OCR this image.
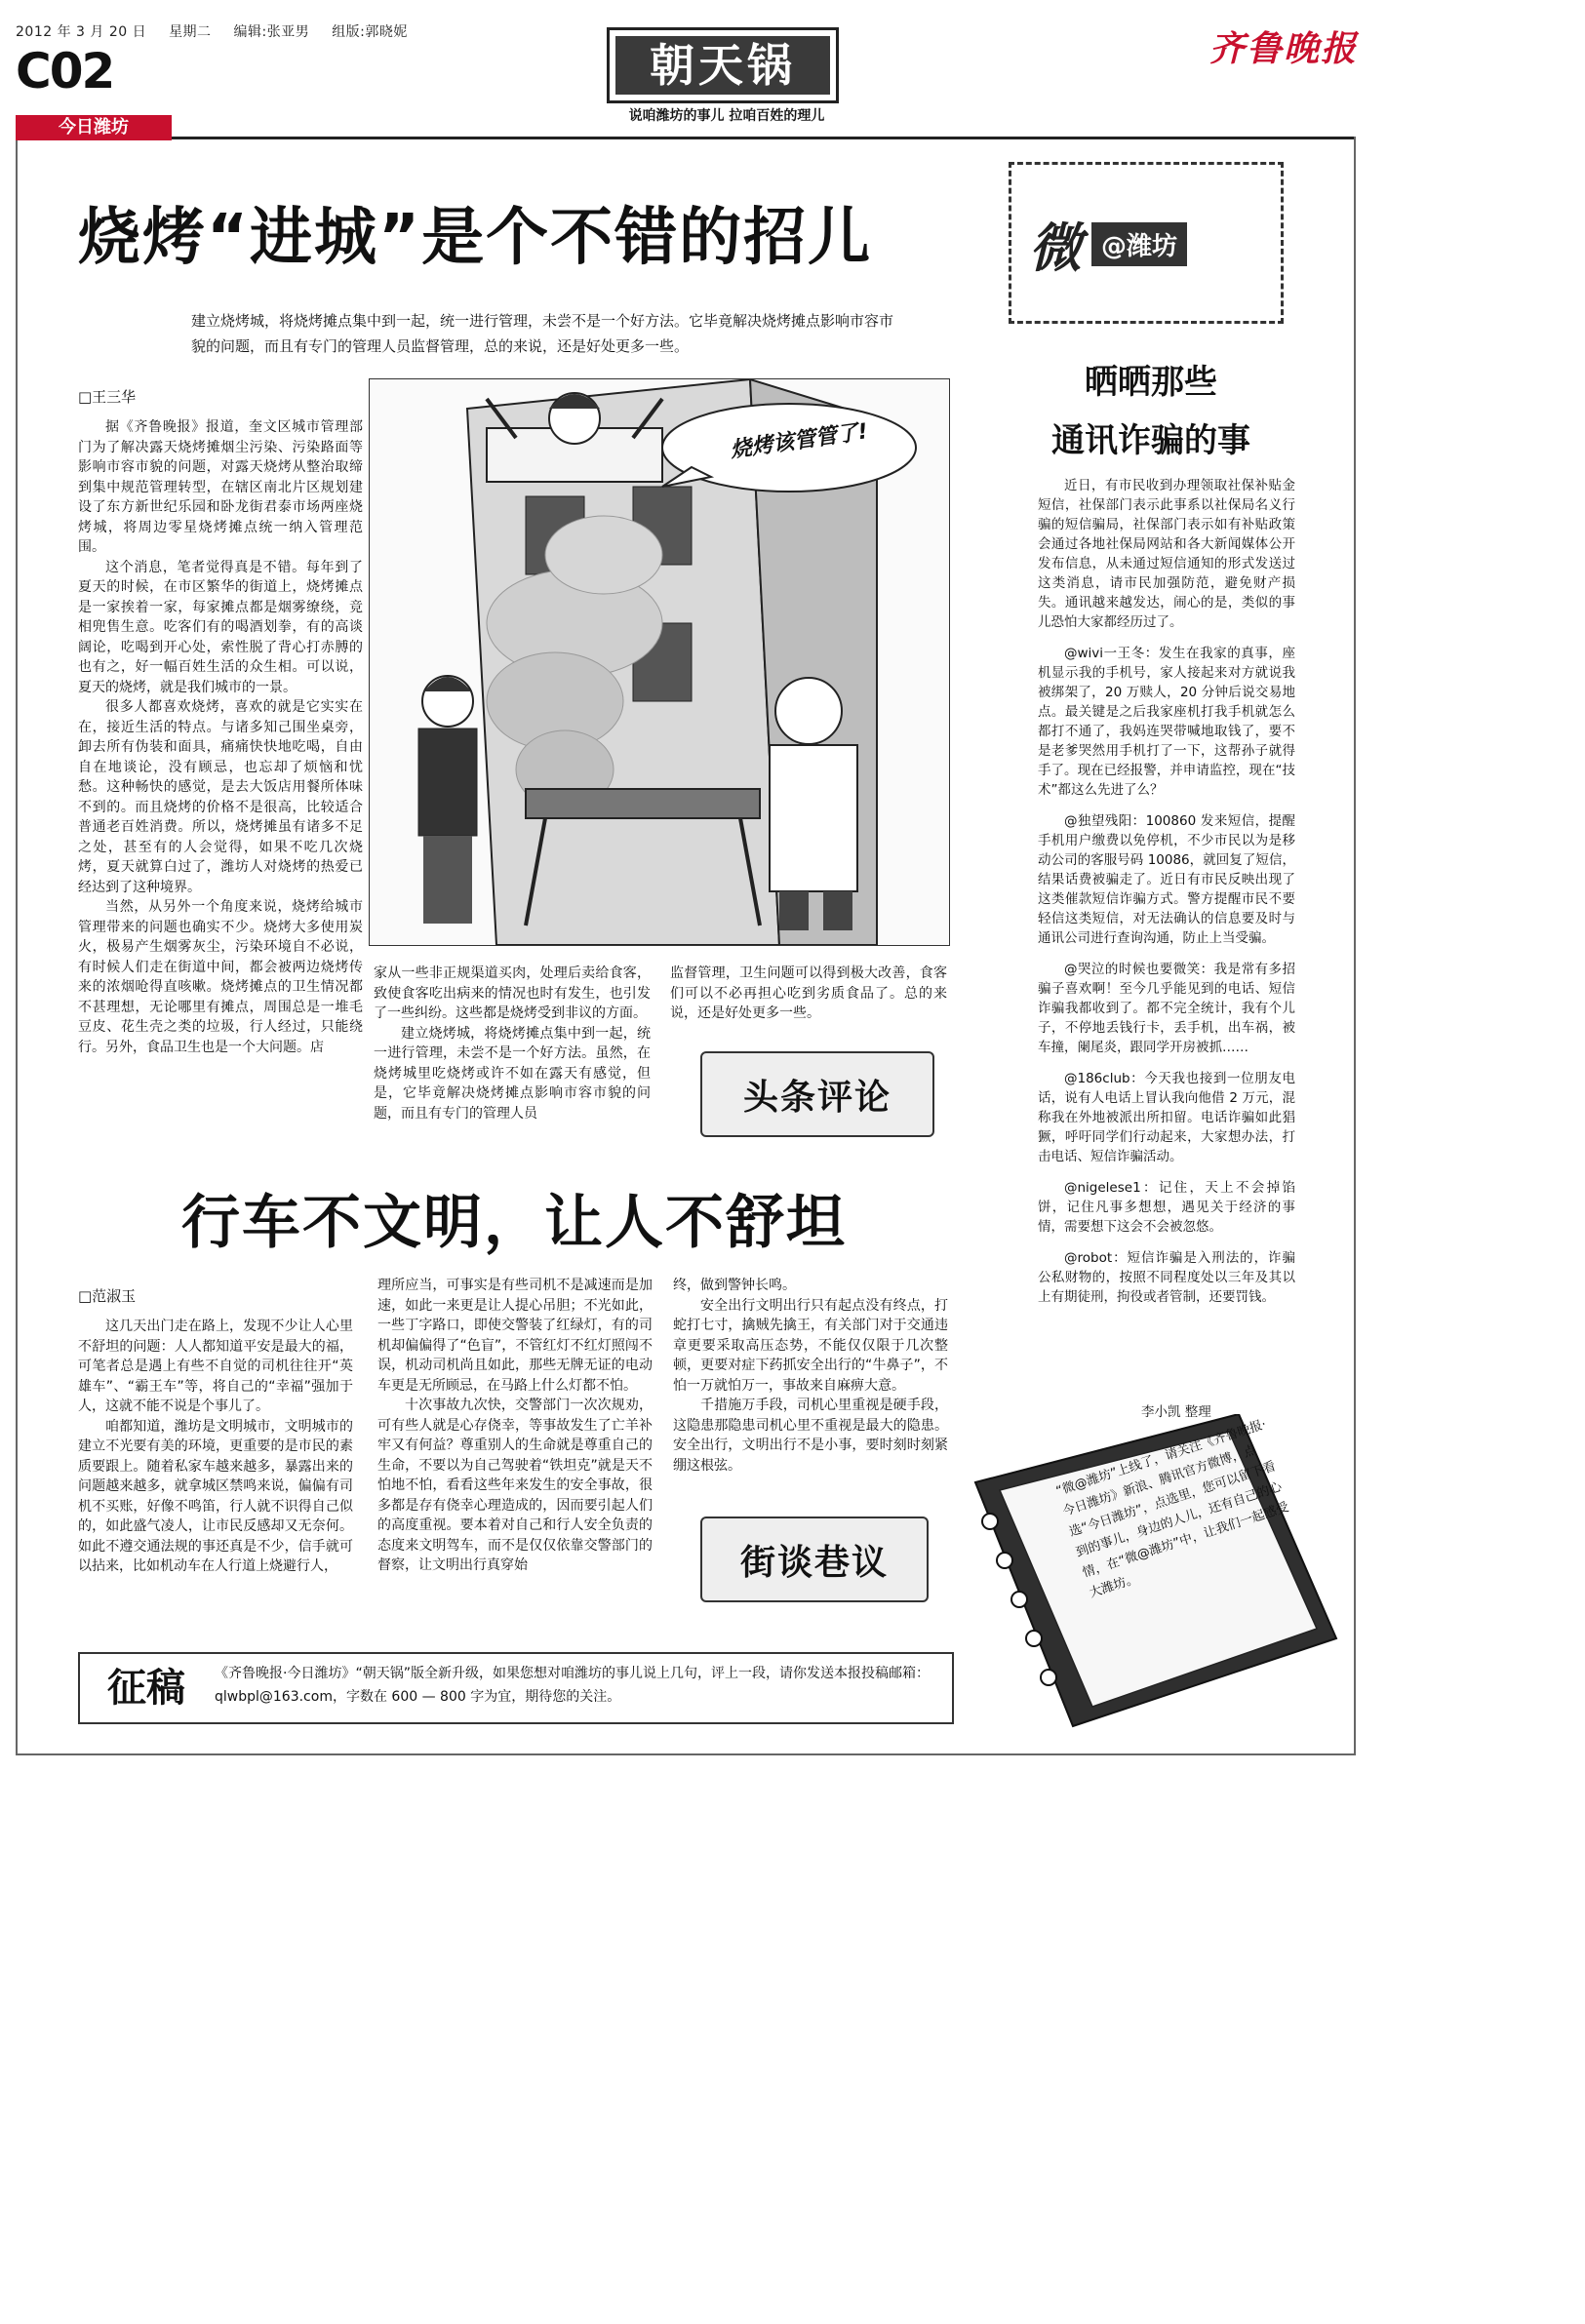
2012 年 3 月 20 日 星期二 编辑:张亚男 组版:郭晓妮
C02
今日潍坊
朝天锅
说咱潍坊的事儿 拉咱百姓的理儿
齐鲁晚报
烧烤“进城”是个不错的招儿
建立烧烤城，将烧烤摊点集中到一起，统一进行管理，未尝不是一个好方法。它毕竟解决烧烤摊点影响市容市貌的问题，而且有专门的管理人员监督管理，总的来说，还是好处更多一些。
□王三华

据《齐鲁晚报》报道，奎文区城市管理部门为了解决露天烧烤摊烟尘污染、污染路面等影响市容市貌的问题，对露天烧烤从整治取缔到集中规范管理转型，在辖区南北片区规划建设了东方新世纪乐园和卧龙街君泰市场两座烧烤城，将周边零星烧烤摊点统一纳入管理范围。

这个消息，笔者觉得真是不错。每年到了夏天的时候，在市区繁华的街道上，烧烤摊点是一家挨着一家，每家摊点都是烟雾缭绕，竞相兜售生意。吃客们有的喝酒划拳，有的高谈阔论，吃喝到开心处，索性脱了背心打赤膊的也有之，好一幅百姓生活的众生相。可以说，夏天的烧烤，就是我们城市的一景。

很多人都喜欢烧烤，喜欢的就是它实实在在，接近生活的特点。与诸多知己围坐桌旁，卸去所有伪装和面具，痛痛快快地吃喝，自由自在地谈论，没有顾忌，也忘却了烦恼和忧愁。这种畅快的感觉，是去大饭店用餐所体味不到的。而且烧烤的价格不是很高，比较适合普通老百姓消费。所以，烧烤摊虽有诸多不足之处，甚至有的人会觉得，如果不吃几次烧烤，夏天就算白过了，潍坊人对烧烤的热爱已经达到了这种境界。

当然，从另外一个角度来说，烧烤给城市管理带来的问题也确实不少。烧烤大多使用炭火，极易产生烟雾灰尘，污染环境自不必说，有时候人们走在街道中间，都会被两边烧烤传来的浓烟呛得直咳嗽。烧烤摊点的卫生情况都不甚理想，无论哪里有摊点，周围总是一堆毛豆皮、花生壳之类的垃圾，行人经过，只能绕行。另外，食品卫生也是一个大问题。店

烧烤该管管了!

家从一些非正规渠道买肉，处理后卖给食客，致使食客吃出病来的情况也时有发生，也引发了一些纠纷。这些都是烧烤受到非议的方面。

建立烧烤城，将烧烤摊点集中到一起，统一进行管理，未尝不是一个好方法。虽然，在烧烤城里吃烧烤或许不如在露天有感觉，但是，它毕竟解决烧烤摊点影响市容市貌的问题，而且有专门的管理人员

监督管理，卫生问题可以得到极大改善，食客们可以不必再担心吃到劣质食品了。总的来说，还是好处更多一些。

头条评论
行车不文明，让人不舒坦
□范淑玉

这几天出门走在路上，发现不少让人心里不舒坦的问题：人人都知道平安是最大的福，可笔者总是遇上有些不自觉的司机往往开“英雄车”、“霸王车”等，将自己的“幸福”强加于人，这就不能不说是个事儿了。

咱都知道，潍坊是文明城市，文明城市的建立不光要有美的环境，更重要的是市民的素质要跟上。随着私家车越来越多，暴露出来的问题越来越多，就拿城区禁鸣来说，偏偏有司机不买账，好像不鸣笛，行人就不识得自己似的，如此盛气凌人，让市民反感却又无奈何。如此不遵交通法规的事还真是不少，信手就可以拈来，比如机动车在人行道上烧避行人，

理所应当，可事实是有些司机不是减速而是加速，如此一来更是让人提心吊胆；不光如此，一些丁字路口，即使交警装了红绿灯，有的司机却偏偏得了“色盲”，不管红灯不红灯照闯不误，机动司机尚且如此，那些无牌无证的电动车更是无所顾忌，在马路上什么灯都不怕。

十次事故九次快，交警部门一次次规劝，可有些人就是心存侥幸，等事故发生了亡羊补牢又有何益？尊重别人的生命就是尊重自己的生命，不要以为自己驾驶着“铁坦克”就是天不怕地不怕，看看这些年来发生的安全事故，很多都是存有侥幸心理造成的，因而要引起人们的高度重视。要本着对自己和行人安全负责的态度来文明驾车，而不是仅仅依靠交警部门的督察，让文明出行真穿始

终，做到警钟长鸣。

安全出行文明出行只有起点没有终点，打蛇打七寸，擒贼先擒王，有关部门对于交通违章更要采取高压态势，不能仅仅限于几次整顿，更要对症下药抓安全出行的“牛鼻子”，不怕一万就怕万一，事故来自麻痹大意。

千措施万手段，司机心里重视是硬手段，这隐患那隐患司机心里不重视是最大的隐患。安全出行，文明出行不是小事，要时刻时刻紧绷这根弦。

街谈巷议
征稿	《齐鲁晚报·今日潍坊》“朝天锅”版全新升级，如果您想对咱潍坊的事儿说上几句，评上一段，请你发送本报投稿邮箱：qlwbpl@163.com，字数在 600 — 800 字为宜，期待您的关注。
微 @潍坊
晒晒那些
通讯诈骗的事

近日，有市民收到办理领取社保补贴金短信，社保部门表示此事系以社保局名义行骗的短信骗局，社保部门表示如有补贴政策会通过各地社保局网站和各大新闻媒体公开发布信息，从未通过短信通知的形式发送过这类消息，请市民加强防范，避免财产损失。通讯越来越发达，闹心的是，类似的事儿恐怕大家都经历过了。

@wivi一王冬：发生在我家的真事，座机显示我的手机号，家人接起来对方就说我被绑架了，20 万赎人，20 分钟后说交易地点。最关键是之后我家座机打我手机就怎么都打不通了，我妈连哭带喊地取钱了，要不是老爹哭然用手机打了一下，这帮孙子就得手了。现在已经报警，并申请监控，现在“技术”都这么先进了么？

@独望残阳：100860 发来短信，提醒手机用户缴费以免停机，不少市民以为是移动公司的客服号码 10086，就回复了短信，结果话费被骗走了。近日有市民反映出现了这类催款短信诈骗方式。警方提醒市民不要轻信这类短信，对无法确认的信息要及时与通讯公司进行查询沟通，防止上当受骗。

@哭泣的时候也要微笑：我是常有多招骗子喜欢啊！至今几乎能见到的电话、短信诈骗我都收到了。都不完全统计，我有个儿子，不停地丢钱行卡，丢手机，出车祸，被车撞，阑尾炎，跟同学开房被抓……

@186club：今天我也接到一位朋友电话，说有人电话上冒认我向他借 2 万元，混称我在外地被派出所扣留。电话诈骗如此猖獗，呼吁同学们行动起来，大家想办法，打击电话、短信诈骗活动。

@nigelese1：记住，天上不会掉馅饼，记住凡事多想想，遇见关于经济的事情，需要想下这会不会被忽悠。

@robot：短信诈骗是入刑法的，诈骗公私财物的，按照不同程度处以三年及其以上有期徒刑，拘役或者管制，还要罚钱。

李小凯 整理
“微@潍坊”上线了，请关注《齐鲁晚报·今日潍坊》新浪、腾讯官方微博，点选“今日潍坊”，点选里，您可以留下看到的事儿，身边的人儿，还有自己的心情，在“微@潍坊”中，让我们一起感受大潍坊。
